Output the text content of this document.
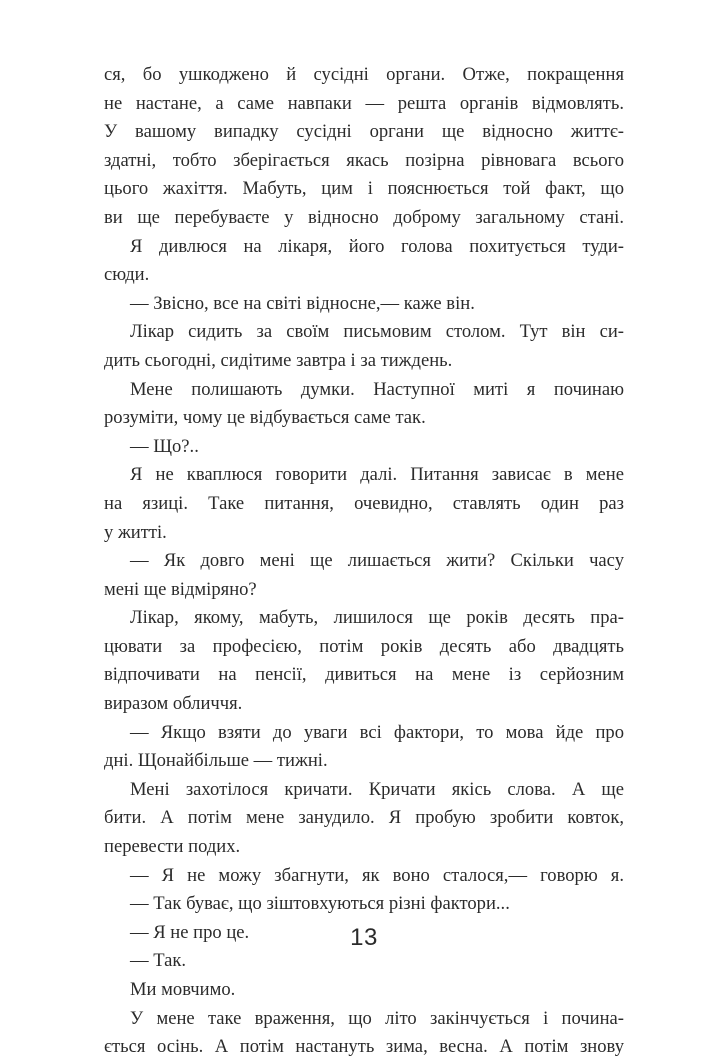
ся, бо ушкоджено й сусідні органи. Отже, покращення
не настане, а саме навпаки — решта органів відмовлять.
У вашому випадку сусідні органи ще відносно життє-
здатні, тобто зберігається якась позірна рівновага всього
цього жахіття. Мабуть, цим і пояснюється той факт, що
ви ще перебуваєте у відносно доброму загальному стані.
Я дивлюся на лікаря, його голова похитується туди-
сюди.
— Звісно, все на світі відносне,— каже він.
Лікар сидить за своїм письмовим столом. Тут він си-
дить сьогодні, сидітиме завтра і за тиждень.
Мене полишають думки. Наступної миті я починаю
розуміти, чому це відбувається саме так.
— Що?..
Я не кваплюся говорити далі. Питання зависає в мене
на язиці. Таке питання, очевидно, ставлять один раз
у житті.
— Як довго мені ще лишається жити? Скільки часу
мені ще відміряно?
Лікар, якому, мабуть, лишилося ще років десять пра-
цювати за професією, потім років десять або двадцять
відпочивати на пенсії, дивиться на мене із серйозним
виразом обличчя.
— Якщо взяти до уваги всі фактори, то мова йде про
дні. Щонайбільше — тижні.
Мені захотілося кричати. Кричати якісь слова. А ще
бити. А потім мене занудило. Я пробую зробити ковток,
перевести подих.
— Я не можу збагнути, як воно сталося,— говорю я.
— Так буває, що зіштовхуються різні фактори...
— Я не про це.
— Так.
Ми мовчимо.
У мене таке враження, що літо закінчується і почина-
ється осінь. А потім настануть зима, весна. А потім знову
13
